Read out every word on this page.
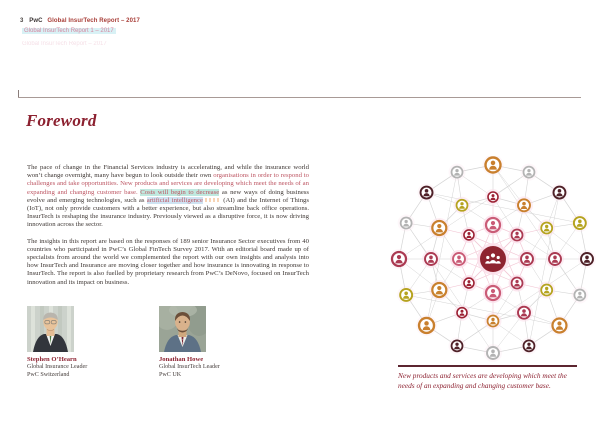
3 PwC Global InsurTech Report – 2017
Global InsurTech Report 1 – 2017
Global InsurTech Report – 2017
Foreword

The pace of change in the Financial Services industry is accelerating, and while the insurance world won’t change overnight, many have begun to look outside their own organisations in order to respond to challenges and take opportunities. New products and services are developing which meet the needs of an expanding and changing customer base. Costs will begin to decrease as new ways of doing business evolve and emerging technologies, such as artificial intelligence	(AI) and the Internet of Things (IoT), not only provide customers with a better experience, but also streamline back office operations. InsurTech is reshaping the insurance industry. Previously viewed as a disruptive force, it is now driving innovation across the sector.

The insights in this report are based on the responses of 189 senior Insurance Sector executives from 40 countries who participated in PwC’s Global FinTech Survey 2017. With an editorial board made up of specialists from around the world we complemented the report with our own insights and analysis into how InsurTech and Insurance are moving closer together and how insurance is innovating in response to InsurTech. The report is also fuelled by proprietary research from PwC’s DeNovo, focused on InsurTech innovation and its impact on business.

Stephen O’Hearn
Global Insurance Leader
PwC Switzerland
Jonathan Howe
Global InsurTech Leader
PwC UK	New products and services are developing which meet the needs of an expanding and changing customer base.
